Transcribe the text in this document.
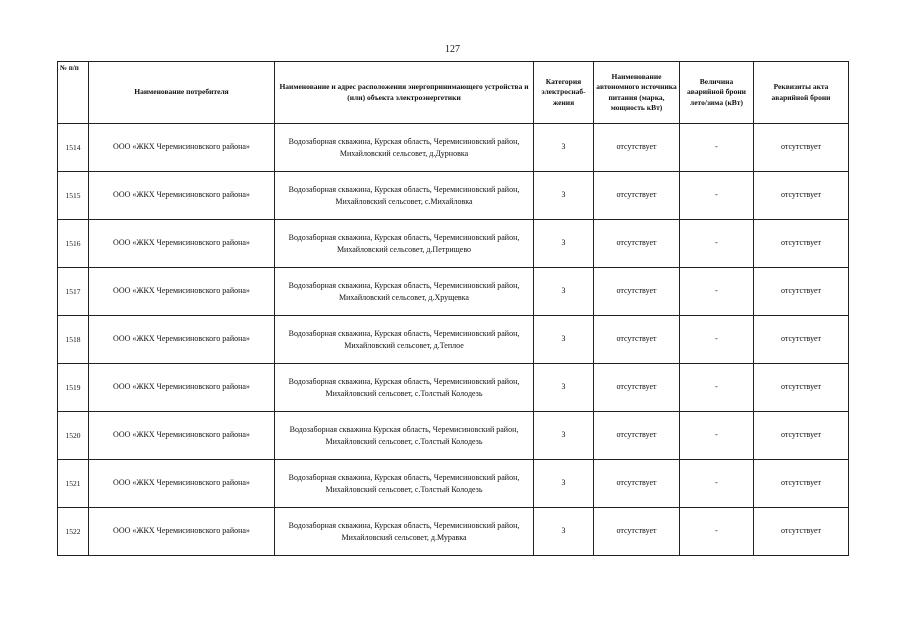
127
№ п/п	Наименование потребителя	Наименование и адрес расположения энергопринимающего устройства и (или) объекта электроэнергетики	Категория электроснаб-жения	Наименование автономного источника питания (марка, мощность кВт)	Величина аварийной брони лето/зима (кВт)	Реквизиты акта аварийной брони
1514	ООО «ЖКХ Черемисиновского района»	Водозаборная скважина, Курская область, Черемисиновский район, Михайловский сельсовет, д.Дурновка	3	отсутствует	-	отсутствует
1515	ООО «ЖКХ Черемисиновского района»	Водозаборная скважина, Курская область, Черемисиновский район, Михайловский сельсовет, с.Михайловка	3	отсутствует	-	отсутствует
1516	ООО «ЖКХ Черемисиновского района»	Водозаборная скважина, Курская область, Черемисиновский район, Михайловский сельсовет, д.Петрищево	3	отсутствует	-	отсутствует
1517	ООО «ЖКХ Черемисиновского района»	Водозаборная скважина, Курская область, Черемисиновский район, Михайловский сельсовет, д.Хрущевка	3	отсутствует	-	отсутствует
1518	ООО «ЖКХ Черемисиновского района»	Водозаборная скважина, Курская область, Черемисиновский район, Михайловский сельсовет, д.Теплое	3	отсутствует	-	отсутствует
1519	ООО «ЖКХ Черемисиновского района»	Водозаборная скважина, Курская область, Черемисиновский район, Михайловский сельсовет, с.Толстый Колодезь	3	отсутствует	-	отсутствует
1520	ООО «ЖКХ Черемисиновского района»	Водозаборная скважина Курская область, Черемисиновский район, Михайловский сельсовет, с.Толстый Колодезь	3	отсутствует	-	отсутствует
1521	ООО «ЖКХ Черемисиновского района»	Водозаборная скважина, Курская область, Черемисиновский район, Михайловский сельсовет, с.Толстый Колодезь	3	отсутствует	-	отсутствует
1522	ООО «ЖКХ Черемисиновского района»	Водозаборная скважина, Курская область, Черемисиновский район, Михайловский сельсовет, д.Муравка	3	отсутствует	-	отсутствует
